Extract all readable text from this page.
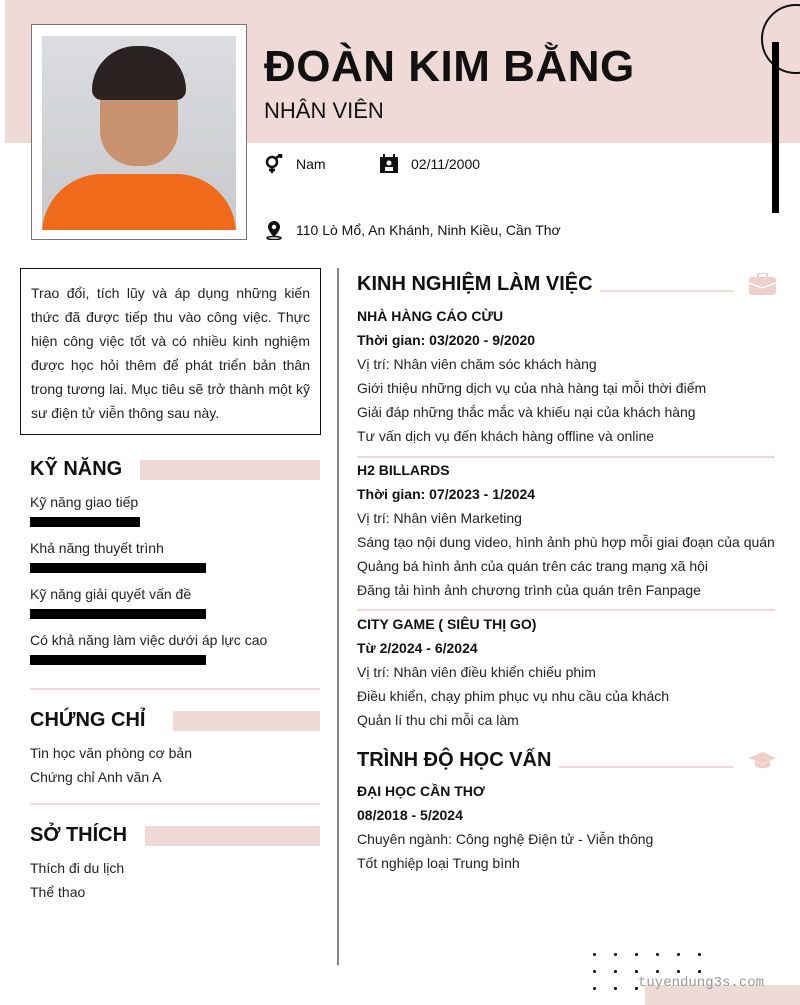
ĐOÀN KIM BẰNG
NHÂN VIÊN
Nam	02/11/2000
110 Lò Mổ, An Khánh, Ninh Kiều, Cần Thơ
Trao đổi, tích lũy và áp dụng những kiến thức đã được tiếp thu vào công việc. Thực hiện công việc tốt và có nhiều kinh nghiệm được học hỏi thêm để phát triển bản thân trong tương lai. Mục tiêu sẽ trở thành một kỹ sư điện tử viễn thông sau này.
KỸ NĂNG
Kỹ năng giao tiếp
Khả năng thuyết trình
Kỹ năng giải quyết vấn đề
Có khả năng làm việc dưới áp lực cao
CHỨNG CHỈ
Tin học văn phòng cơ bản
Chứng chỉ Anh văn A
SỞ THÍCH
Thích đi du lịch
Thể thao
KINH NGHIỆM LÀM VIỆC
NHÀ HÀNG CÁO CỪU
Thời gian: 03/2020 - 9/2020
Vị trí: Nhân viên chăm sóc khách hàng
Giới thiệu những dịch vụ của nhà hàng tại mỗi thời điểm
Giải đáp những thắc mắc và khiếu nại của khách hàng
Tư vấn dịch vụ đến khách hàng offline và online
H2 BILLARDS
Thời gian: 07/2023 - 1/2024
Vị trí: Nhân viên Marketing
Sáng tạo nội dung video, hình ảnh phù hợp mỗi giai đoạn của quán
Quảng bá hình ảnh của quán trên các trang mạng xã hội
Đăng tải hình ảnh chương trình của quán trên Fanpage
CITY GAME ( SIÊU THỊ GO)
Từ 2/2024 - 6/2024
Vị trí: Nhân viên điều khiển chiếu phim
Điều khiển, chạy phim phục vụ nhu cầu của khách
Quản lí thu chi mỗi ca làm
TRÌNH ĐỘ HỌC VẤN
ĐẠI HỌC CẦN THƠ
08/2018 - 5/2024
Chuyên ngành: Công nghệ Điện tử - Viễn thông
Tốt nghiệp loại Trung bình
tuyendung3s.com
